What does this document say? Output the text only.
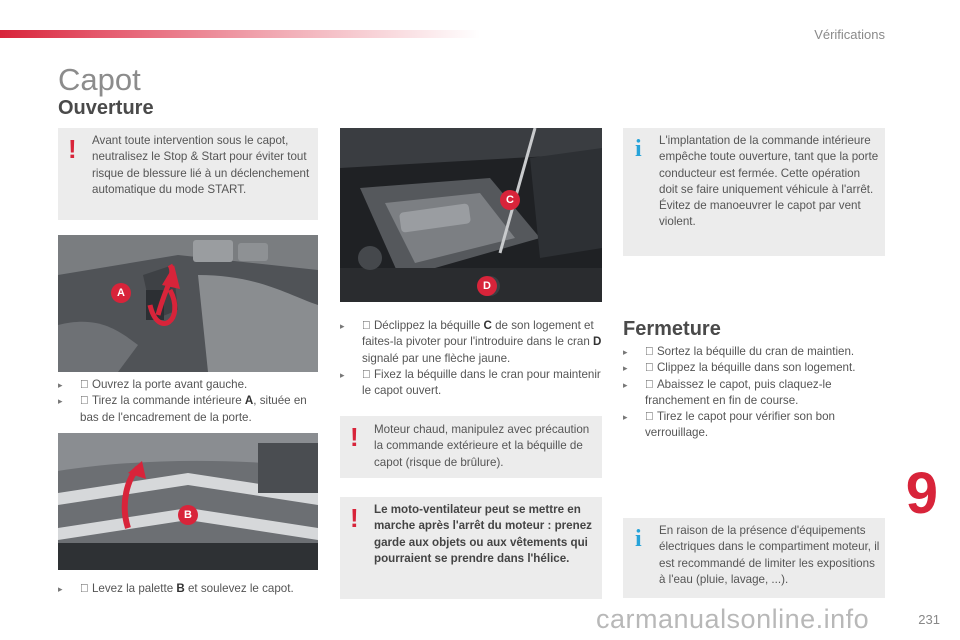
Vérifications
Capot
Ouverture
! Avant toute intervention sous le capot, neutralisez le Stop & Start pour éviter tout risque de blessure lié à un déclenchement automatique du mode START.
A

󰿠 ▸	Ouvrez la porte avant gauche.

󰿠 ▸	Tirez la commande intérieure A, située en bas de l'encadrement de la porte.
B

󰿠 ▸	Levez la palette B et soulevez le capot.
C
D

󰿠 ▸	Déclippez la béquille C de son logement et faites-la pivoter pour l'introduire dans le cran D signalé par une flèche jaune.

󰿠 ▸	Fixez la béquille dans le cran pour maintenir le capot ouvert.
! Moteur chaud, manipulez avec précaution la commande extérieure et la béquille de capot (risque de brûlure).
! Le moto-ventilateur peut se mettre en marche après l'arrêt du moteur : prenez garde aux objets ou aux vêtements qui pourraient se prendre dans l'hélice.
i L'implantation de la commande intérieure empêche toute ouverture, tant que la porte conducteur est fermée. Cette opération doit se faire uniquement véhicule à l'arrêt.
Évitez de manoeuvrer le capot par vent violent.
Fermeture

󰿠 ▸	Sortez la béquille du cran de maintien.

󰿠 ▸	Clippez la béquille dans son logement.

󰿠 ▸	Abaissez le capot, puis claquez-le franchement en fin de course.

󰿠 ▸	Tirez le capot pour vérifier son bon verrouillage.
i En raison de la présence d'équipements électriques dans le compartiment moteur, il est recommandé de limiter les expositions à l'eau (pluie, lavage, ...).
9
carmanualsonline.info	231
